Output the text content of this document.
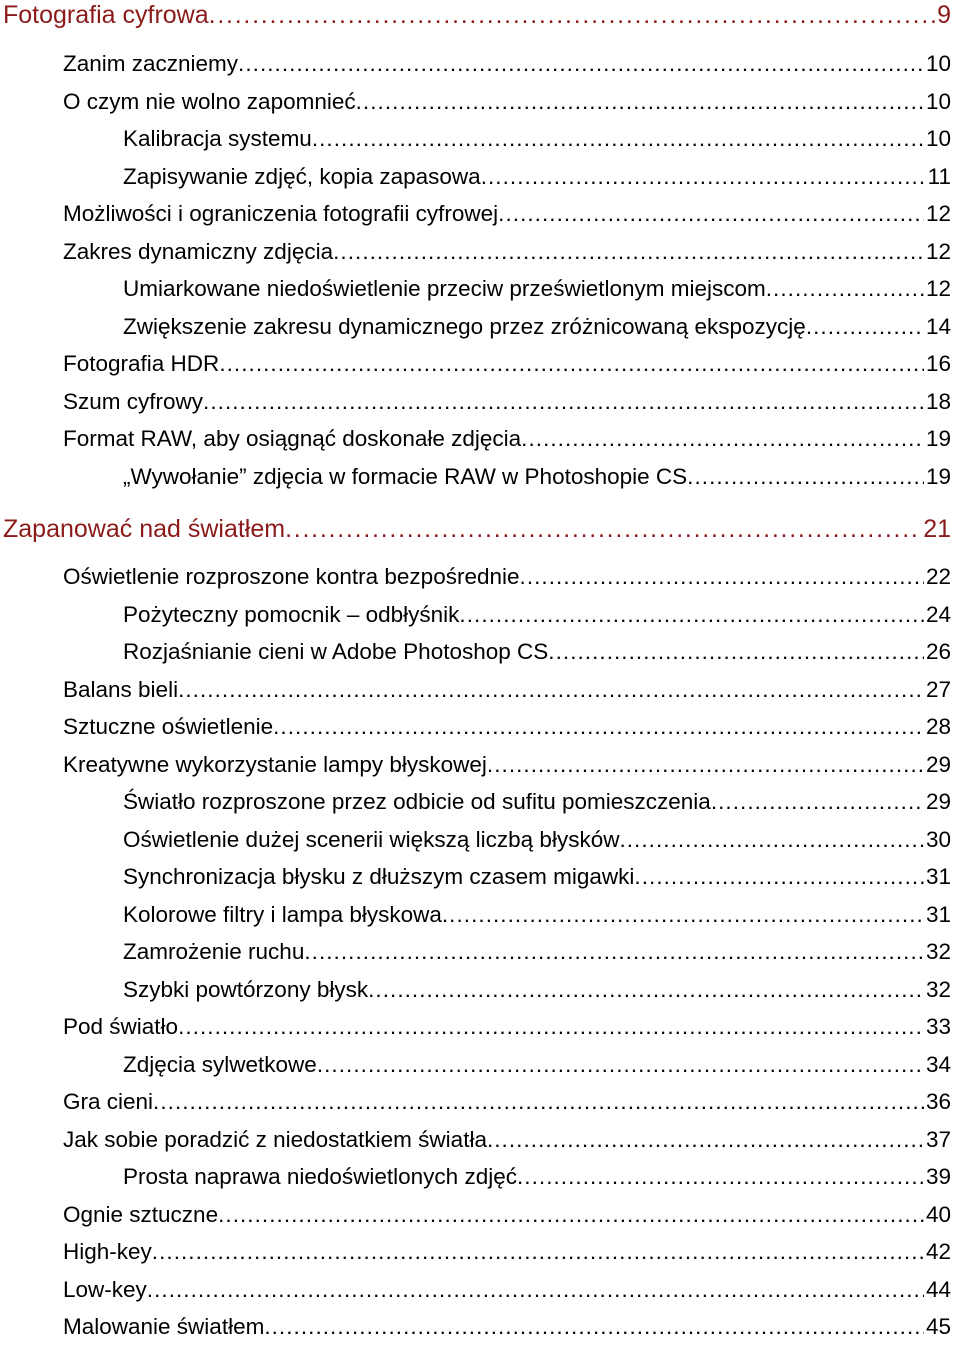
Fotografia cyfrowa . . .	9
Zanim zaczniemy . . .	10
O czym nie wolno zapomnieć . . .	10
Kalibracja systemu . . .	10
Zapisywanie zdjęć, kopia zapasowa . . .	11
Możliwości i ograniczenia fotografii cyfrowej . . .	12
Zakres dynamiczny zdjęcia . . .	12
Umiarkowane niedoświetlenie przeciw prześwietlonym miejscom . . .	12
Zwiększenie zakresu dynamicznego przez zróżnicowaną ekspozycję . . .	14
Fotografia HDR . . .	16
Szum cyfrowy . . .	18
Format RAW, aby osiągnąć doskonałe zdjęcia . . .	19
„Wywołanie” zdjęcia w formacie RAW w Photoshopie CS . . .	19
Zapanować nad światłem . . .	21
Oświetlenie rozproszone kontra bezpośrednie . . .	22
Pożyteczny pomocnik – odbłyśnik . . .	24
Rozjaśnianie cieni w Adobe Photoshop CS . . .	26
Balans bieli . . .	27
Sztuczne oświetlenie . . .	28
Kreatywne wykorzystanie lampy błyskowej . . .	29
Światło rozproszone przez odbicie od sufitu pomieszczenia . . .	29
Oświetlenie dużej scenerii większą liczbą błysków . . .	30
Synchronizacja błysku z dłuższym czasem migawki . . .	31
Kolorowe filtry i lampa błyskowa . . .	31
Zamrożenie ruchu . . .	32
Szybki powtórzony błysk . . .	32
Pod światło . . .	33
Zdjęcia sylwetkowe . . .	34
Gra cieni . . .	36
Jak sobie poradzić z niedostatkiem światła . . .	37
Prosta naprawa niedoświetlonych zdjęć . . .	39
Ognie sztuczne . . .	40
High-key . . .	42
Low-key . . .	44
Malowanie światłem . . .	45
